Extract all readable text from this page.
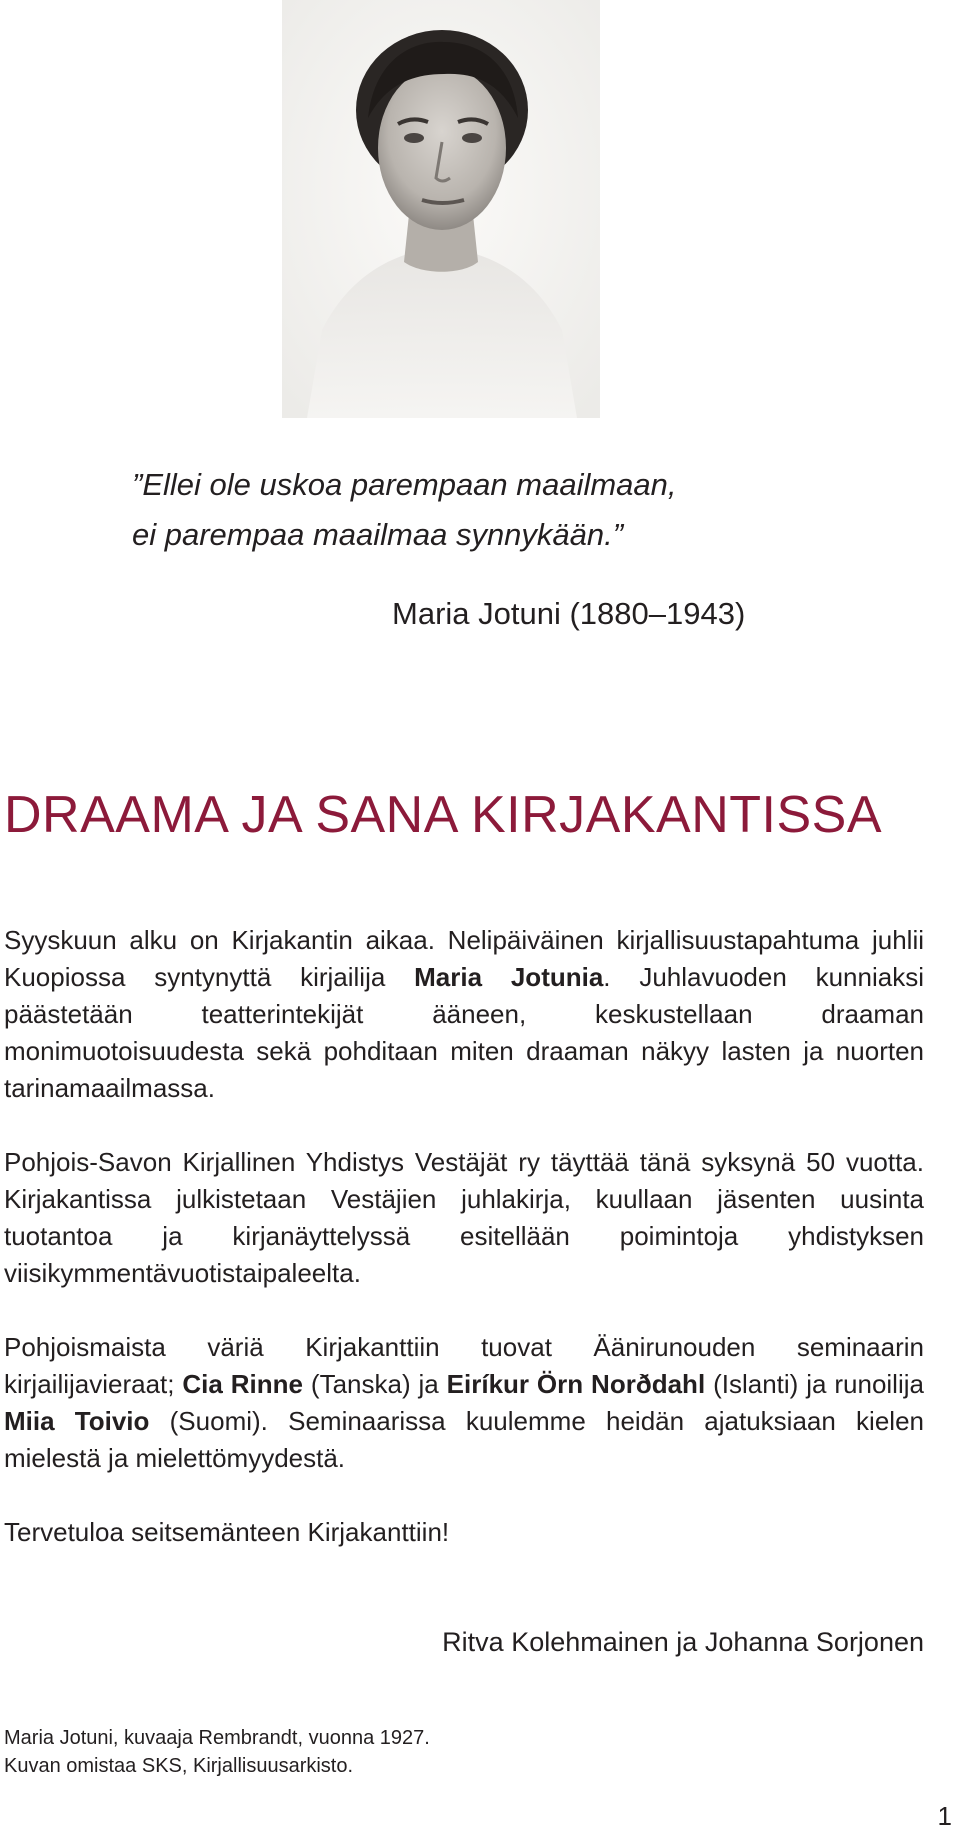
”Ellei ole uskoa parempaan maailmaan,
ei parempaa maailmaa synnykään.”
Maria Jotuni (1880–1943)
DRAAMA JA SANA KIRJAKANTISSA

Syyskuun alku on Kirjakantin aikaa. Nelipäiväinen kirjallisuustapahtuma juhlii Kuopiossa syntynyttä kirjailija Maria Jotunia. Juhlavuoden kunniaksi päästetään teatterintekijät ääneen, keskustellaan draaman monimuotoisuudesta sekä pohditaan miten draaman näkyy lasten ja nuorten tarinamaailmassa.

Pohjois-Savon Kirjallinen Yhdistys Vestäjät ry täyttää tänä syksynä 50 vuotta. Kirjakantissa julkistetaan Vestäjien juhlakirja, kuullaan jäsenten uusinta tuotantoa ja kirjanäyttelyssä esitellään poimintoja yhdistyksen viisikymmentävuotistaipaleelta.

Pohjoismaista väriä Kirjakanttiin tuovat Äänirunouden seminaarin kirjailijavieraat; Cia Rinne (Tanska) ja Eiríkur Örn Norðdahl (Islanti) ja runoilija Miia Toivio (Suomi). Seminaarissa kuulemme heidän ajatuksiaan kielen mielestä ja mielettömyydestä.

Tervetuloa seitsemänteen Kirjakanttiin!

Ritva Kolehmainen ja Johanna Sorjonen
Maria Jotuni, kuvaaja Rembrandt, vuonna 1927.
Kuvan omistaa SKS, Kirjallisuusarkisto.
1
